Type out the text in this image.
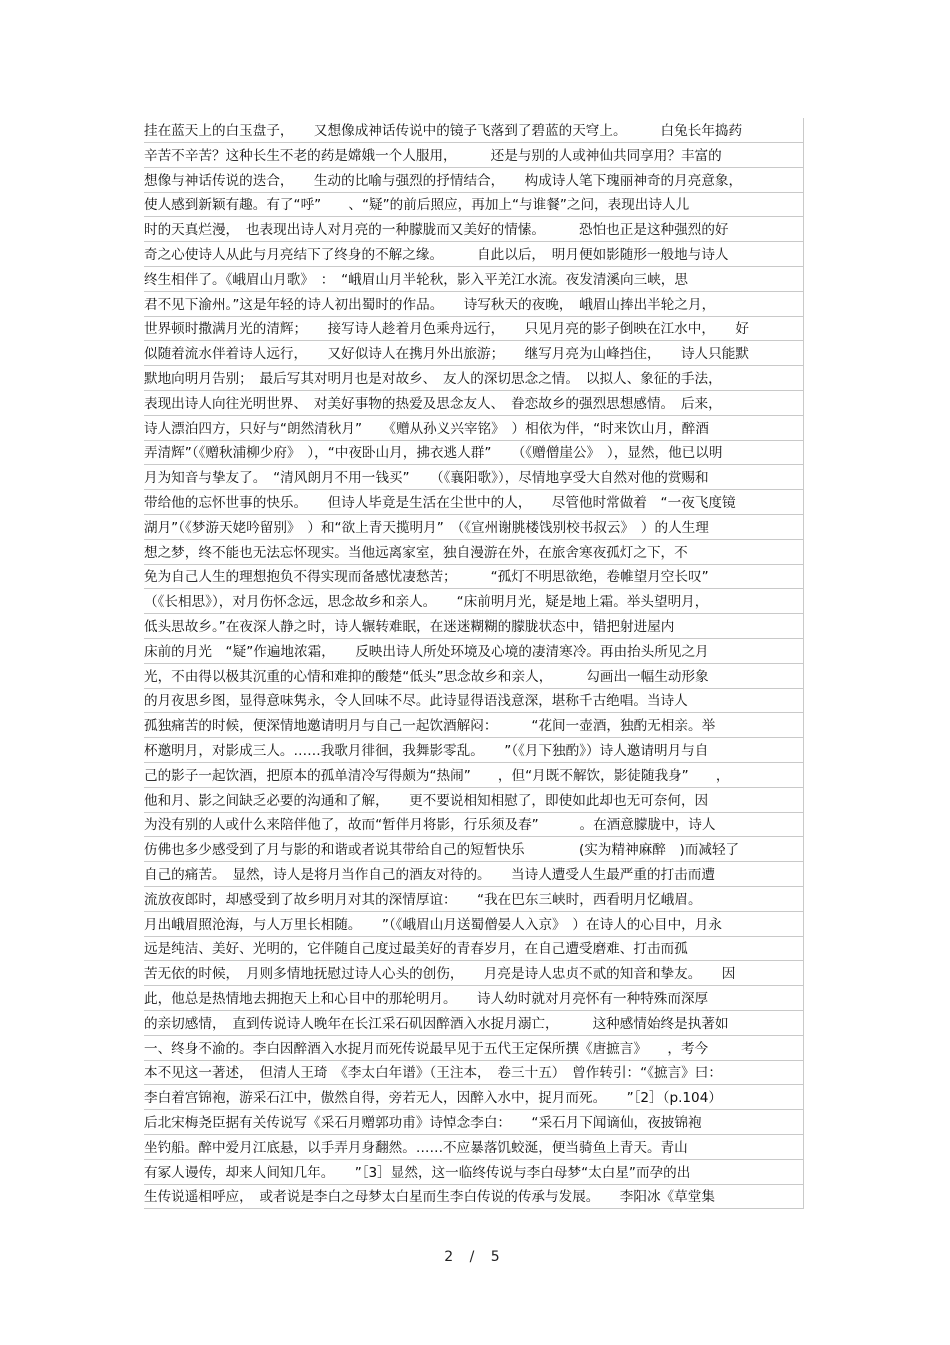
挂在蓝天上的白玉盘子，　　又想像成神话传说中的镜子飞落到了碧蓝的天穹上。　　　白兔长年捣药
辛苦不辛苦？这种长生不老的药是嫦娥一个人服用，　　　还是与别的人或神仙共同享用？丰富的
想像与神话传说的迭合，　　生动的比喻与强烈的抒情结合，　　构成诗人笔下瑰丽神奇的月亮意象，
使人感到新颖有趣。有了“呼”　　、“疑”的前后照应，再加上“与谁餐”之问，表现出诗人儿
时的天真烂漫，　也表现出诗人对月亮的一种朦胧而又美好的情愫。　　　恐怕也正是这种强烈的好
奇之心使诗人从此与月亮结下了终身的不解之缘。　　　自此以后，　明月便如影随形一般地与诗人
终生相伴了。《峨眉山月歌》　：　“峨眉山月半轮秋，影入平羌江水流。夜发清溪向三峡，思
君不见下渝州。”这是年轻的诗人初出蜀时的作品。　　诗写秋天的夜晚，　峨眉山捧出半轮之月，
世界顿时撒满月光的清辉；　　接写诗人趁着月色乘舟远行，　　只见月亮的影子倒映在江水中，　　好
似随着流水伴着诗人远行，　　又好似诗人在携月外出旅游；　　继写月亮为山峰挡住，　　诗人只能默
默地向明月告别；　最后写其对明月也是对故乡、　友人的深切思念之情。　以拟人、象征的手法，
表现出诗人向往光明世界、　对美好事物的热爱及思念友人、　眷恋故乡的强烈思想感情。　后来，
诗人漂泊四方，只好与“朗然清秋月”　　《赠从孙义兴宰铭》　）相依为伴，“时来饮山月，醉酒
弄清辉”（《赠秋浦柳少府》　），“中夜卧山月，拂衣逃人群”　　（《赠僧崖公》　），显然，他已以明
月为知音与挚友了。　“清风朗月不用一钱买”　　（《襄阳歌》），尽情地享受大自然对他的赏赐和
带给他的忘怀世事的快乐。　　但诗人毕竟是生活在尘世中的人，　　尽管他时常做着　“一夜飞度镜
湖月”（《梦游天姥吟留别》　）和“欲上青天揽明月”　（《宣州谢朓楼饯别校书叔云》　）的人生理
想之梦，终不能也无法忘怀现实。当他远离家室，独自漫游在外，在旅舍寒夜孤灯之下，不
免为自己人生的理想抱负不得实现而备感忧凄愁苦；　　　“孤灯不明思欲绝，卷帷望月空长叹”
（《长相思》），对月伤怀念远，思念故乡和亲人。　　“床前明月光，疑是地上霜。举头望明月，
低头思故乡。”在夜深人静之时，诗人辗转难眠，在迷迷糊糊的朦胧状态中，错把射进屋内
床前的月光　“疑”作遍地浓霜，　　反映出诗人所处环境及心境的凄清寒冷。再由抬头所见之月
光，不由得以极其沉重的心情和难抑的酸楚“低头”思念故乡和亲人，　　　勾画出一幅生动形象
的月夜思乡图，显得意味隽永，令人回味不尽。此诗显得语浅意深，堪称千古绝唱。当诗人
孤独痛苦的时候，便深情地邀请明月与自己一起饮酒解闷：　　　“花间一壶酒，独酌无相亲。举
杯邀明月，对影成三人。……我歌月徘徊，我舞影零乱。　　”（《月下独酌》）诗人邀请明月与自
己的影子一起饮酒，把原本的孤单清冷写得颇为“热闹”　　，但“月既不解饮，影徒随我身”　　，
他和月、影之间缺乏必要的沟通和了解，　　更不要说相知相慰了，即使如此却也无可奈何，因
为没有别的人或什么来陪伴他了，故而“暂伴月将影，行乐须及春”　　　。在酒意朦胧中，诗人
仿佛也多少感受到了月与影的和谐或者说其带给自己的短暂快乐　　　　(实为精神麻醉　)而减轻了
自己的痛苦。　显然，诗人是将月当作自己的酒友对待的。　　当诗人遭受人生最严重的打击而遭
流放夜郎时，却感受到了故乡明月对其的深情厚谊：　　“我在巴东三峡时，西看明月忆峨眉。
月出峨眉照沧海，与人万里长相随。　　”（《峨眉山月送蜀僧晏人入京》　）在诗人的心目中，月永
远是纯洁、美好、光明的，它伴随自己度过最美好的青春岁月，在自己遭受磨难、打击而孤
苦无依的时候，　月则多情地抚慰过诗人心头的创伤，　　月亮是诗人忠贞不贰的知音和挚友。　　因
此，他总是热情地去拥抱天上和心目中的那轮明月。　　诗人幼时就对月亮怀有一种特殊而深厚
的亲切感情，　直到传说诗人晚年在长江采石矶因醉酒入水捉月溺亡，　　　这种感情始终是执著如
一、终身不渝的。李白因醉酒入水捉月而死传说最早见于五代王定保所撰《唐摭言》　　，考今
本不见这一著述，　但清人王琦　《李太白年谱》（王注本，　卷三十五）　曾作转引：“《摭言》曰：
李白着宫锦袍，游采石江中，傲然自得，旁若无人，因醉入水中，捉月而死。　　”［2］（p.104）
后北宋梅尧臣据有关传说写《采石月赠郭功甫》诗悼念李白：　　“采石月下闻谪仙，夜披锦袍
坐钓船。醉中爱月江底悬，以手弄月身翻然。……不应暴落饥蛟涎，便当骑鱼上青天。青山
有冢人谩传，却来人间知几年。　　”［3］显然，这一临终传说与李白母梦“太白星”而孕的出
生传说遥相呼应，　或者说是李白之母梦太白星而生李白传说的传承与发展。　　李阳冰《草堂集
2 / 5
